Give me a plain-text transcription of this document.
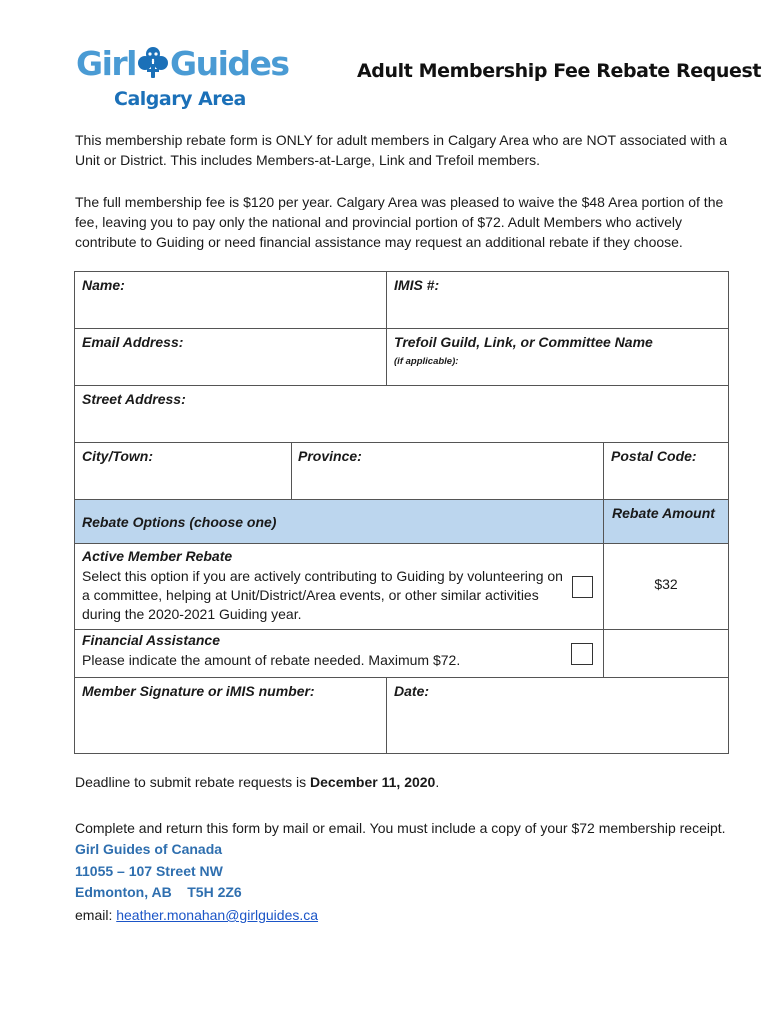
Girl Guides
Calgary Area
Adult Membership Fee Rebate Request

This membership rebate form is ONLY for adult members in Calgary Area who are NOT associated with a Unit or District. This includes Members-at-Large, Link and Trefoil members.

The full membership fee is $120 per year. Calgary Area was pleased to waive the $48 Area portion of the fee, leaving you to pay only the national and provincial portion of $72. Adult Members who actively contribute to Guiding or need financial assistance may request an additional rebate if they choose.

Name:		IMIS #:	
Email Address:		Trefoil Guild, Link, or Committee Name
(if applicable):	

Street Address:			
City/Town:	Province:		Postal Code:
Rebate Options (choose one)			Rebate Amount

Active Member Rebate
Select this option if you are actively contributing to Guiding by volunteering on a committee, helping at Unit/District/Area events, or other similar activities during the 2020-2021 Guiding year.			$32

Financial Assistance
Please indicate the amount of rebate needed. Maximum $72.			

Member Signature or iMIS number:		Date:	
Deadline to submit rebate requests is December 11, 2020.
Complete and return this form by mail or email. You must include a copy of your $72 membership receipt.
Girl Guides of Canada
11055 – 107 Street NW
Edmonton, AB    T5H 2Z6
email: heather.monahan@girlguides.ca
